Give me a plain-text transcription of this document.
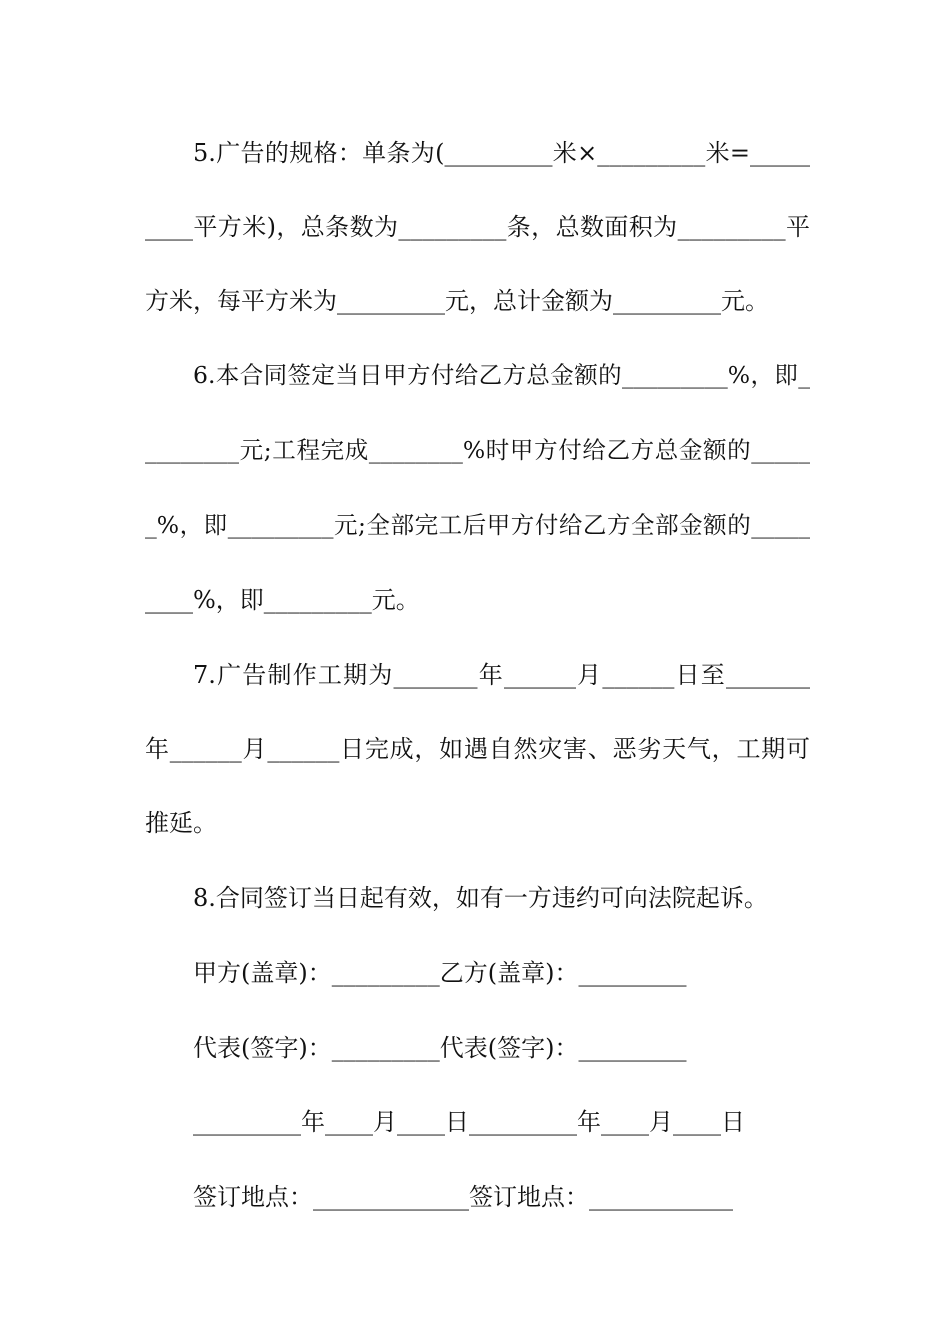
5.广告的规格：单条为(_________米×_________米=_____
____平方米)，总条数为_________条，总数面积为_________平
方米，每平方米为_________元，总计金额为_________元。
6.本合同签定当日甲方付给乙方总金额的_________%，即_
________元;工程完成________%时甲方付给乙方总金额的_____
_%，即_________元;全部完工后甲方付给乙方全部金额的_____
____%，即_________元。
7.广告制作工期为_______年______月______日至_______
年______月______日完成，如遇自然灾害、恶劣天气，工期可
推延。
8.合同签订当日起有效，如有一方违约可向法院起诉。
甲方(盖章)：_________乙方(盖章)：_________
代表(签字)：_________代表(签字)：_________
_________年____月____日_________年____月____日
签订地点：_____________签订地点：____________
